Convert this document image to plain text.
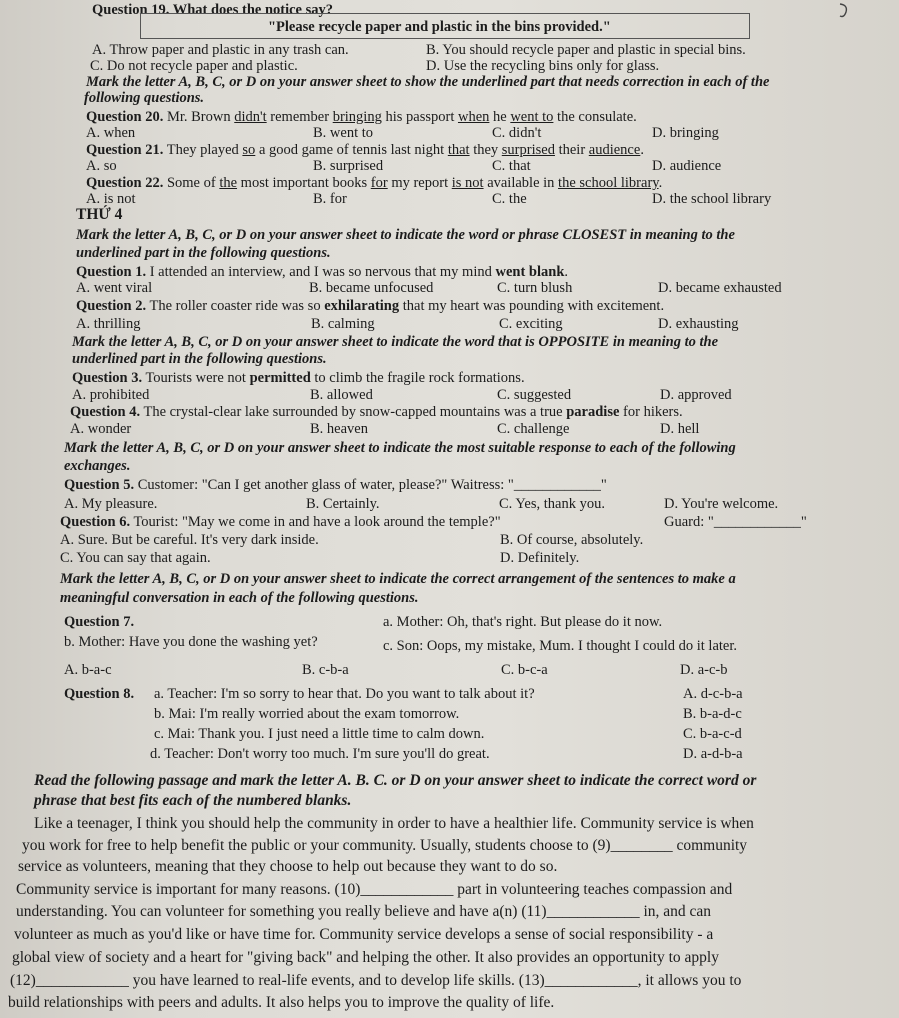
Question 19. What does the notice say?
"Please recycle paper and plastic in the bins provided."
A. Throw paper and plastic in any trash can.	B. You should recycle paper and plastic in special bins.
C. Do not recycle paper and plastic.	D. Use the recycling bins only for glass.
Mark the letter A, B, C, or D on your answer sheet to show the underlined part that needs correction in each of the
following questions.
Question 20. Mr. Brown didn't remember bringing his passport when he went to the consulate.
A. when	B. went to	C. didn't	D. bringing
Question 21. They played so a good game of tennis last night that they surprised their audience.
A. so	B. surprised	C. that	D. audience
Question 22. Some of the most important books for my report is not available in the school library.
A. is not	B. for	C. the	D. the school library
THỨ 4
Mark the letter A, B, C, or D on your answer sheet to indicate the word or phrase CLOSEST in meaning to the
underlined part in the following questions.
Question 1. I attended an interview, and I was so nervous that my mind went blank.
A. went viral	B. became unfocused	C. turn blush	D. became exhausted
Question 2. The roller coaster ride was so exhilarating that my heart was pounding with excitement.
A. thrilling	B. calming	C. exciting	D. exhausting
Mark the letter A, B, C, or D on your answer sheet to indicate the word that is OPPOSITE in meaning to the
underlined part in the following questions.
Question 3. Tourists were not permitted to climb the fragile rock formations.
A. prohibited	B. allowed	C. suggested	D. approved
Question 4. The crystal-clear lake surrounded by snow-capped mountains was a true paradise for hikers.
A. wonder	B. heaven	C. challenge	D. hell
Mark the letter A, B, C, or D on your answer sheet to indicate the most suitable response to each of the following
exchanges.
Question 5. Customer: "Can I get another glass of water, please?" Waitress: "____________"
A. My pleasure.	B. Certainly.	C. Yes, thank you.	D. You're welcome.
Question 6. Tourist: "May we come in and have a look around the temple?"	Guard: "____________"
A. Sure. But be careful. It's very dark inside.	B. Of course, absolutely.
C. You can say that again.	D. Definitely.
Mark the letter A, B, C, or D on your answer sheet to indicate the correct arrangement of the sentences to make a
meaningful conversation in each of the following questions.
Question 7.	a. Mother: Oh, that's right. But please do it now.
b. Mother: Have you done the washing yet?	c. Son: Oops, my mistake, Mum. I thought I could do it later.
A. b-a-c	B. c-b-a	C. b-c-a	D. a-c-b
Question 8. a. Teacher: I'm so sorry to hear that. Do you want to talk about it?
b. Mai: I'm really worried about the exam tomorrow.
c. Mai: Thank you. I just need a little time to calm down.
d. Teacher: Don't worry too much. I'm sure you'll do great.
A. d-c-b-a
B. b-a-d-c
C. b-a-c-d
D. a-d-b-a
Read the following passage and mark the letter A. B. C. or D on your answer sheet to indicate the correct word or
phrase that best fits each of the numbered blanks.
Like a teenager, I think you should help the community in order to have a healthier life. Community service is when
you work for free to help benefit the public or your community. Usually, students choose to (9)________ community
service as volunteers, meaning that they choose to help out because they want to do so.
Community service is important for many reasons. (10)____________ part in volunteering teaches compassion and
understanding. You can volunteer for something you really believe and have a(n) (11)____________ in, and can
volunteer as much as you'd like or have time for. Community service develops a sense of social responsibility - a
global view of society and a heart for "giving back" and helping the other. It also provides an opportunity to apply
(12)____________ you have learned to real-life events, and to develop life skills. (13)____________, it allows you to
build relationships with peers and adults. It also helps you to improve the quality of life.
